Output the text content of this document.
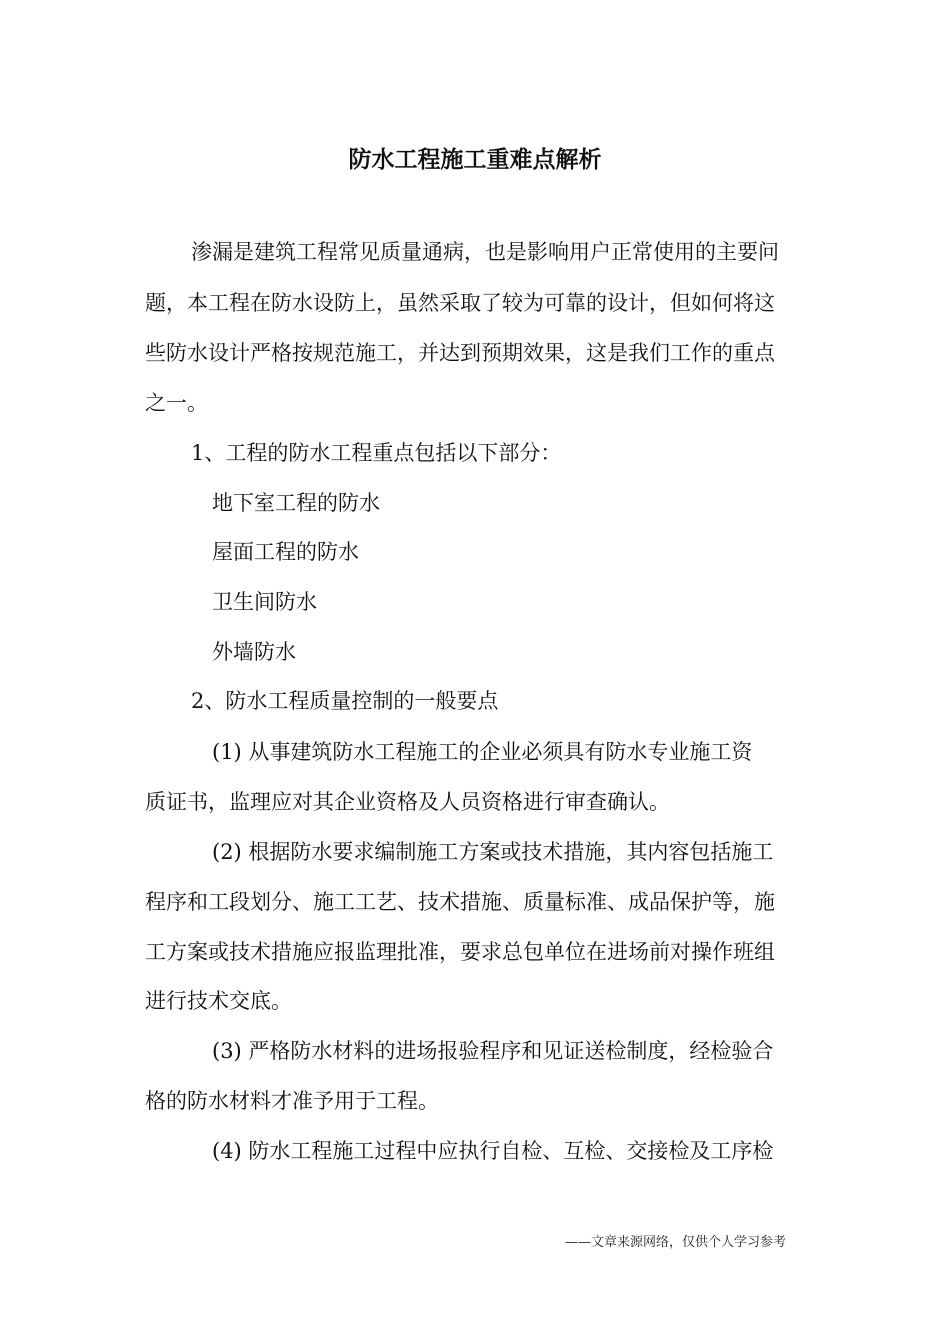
防水工程施工重难点解析
渗漏是建筑工程常见质量通病，也是影响用户正常使用的主要问
题，本工程在防水设防上，虽然采取了较为可靠的设计，但如何将这
些防水设计严格按规范施工，并达到预期效果，这是我们工作的重点
之一。
1、工程的防水工程重点包括以下部分：
地下室工程的防水
屋面工程的防水
卫生间防水
外墙防水
2、防水工程质量控制的一般要点
(1) 从事建筑防水工程施工的企业必须具有防水专业施工资
质证书，监理应对其企业资格及人员资格进行审查确认。
(2) 根据防水要求编制施工方案或技术措施，其内容包括施工
程序和工段划分、施工工艺、技术措施、质量标准、成品保护等，施
工方案或技术措施应报监理批准，要求总包单位在进场前对操作班组
进行技术交底。
(3) 严格防水材料的进场报验程序和见证送检制度，经检验合
格的防水材料才准予用于工程。
(4) 防水工程施工过程中应执行自检、互检、交接检及工序检
——文章来源网络，仅供个人学习参考
